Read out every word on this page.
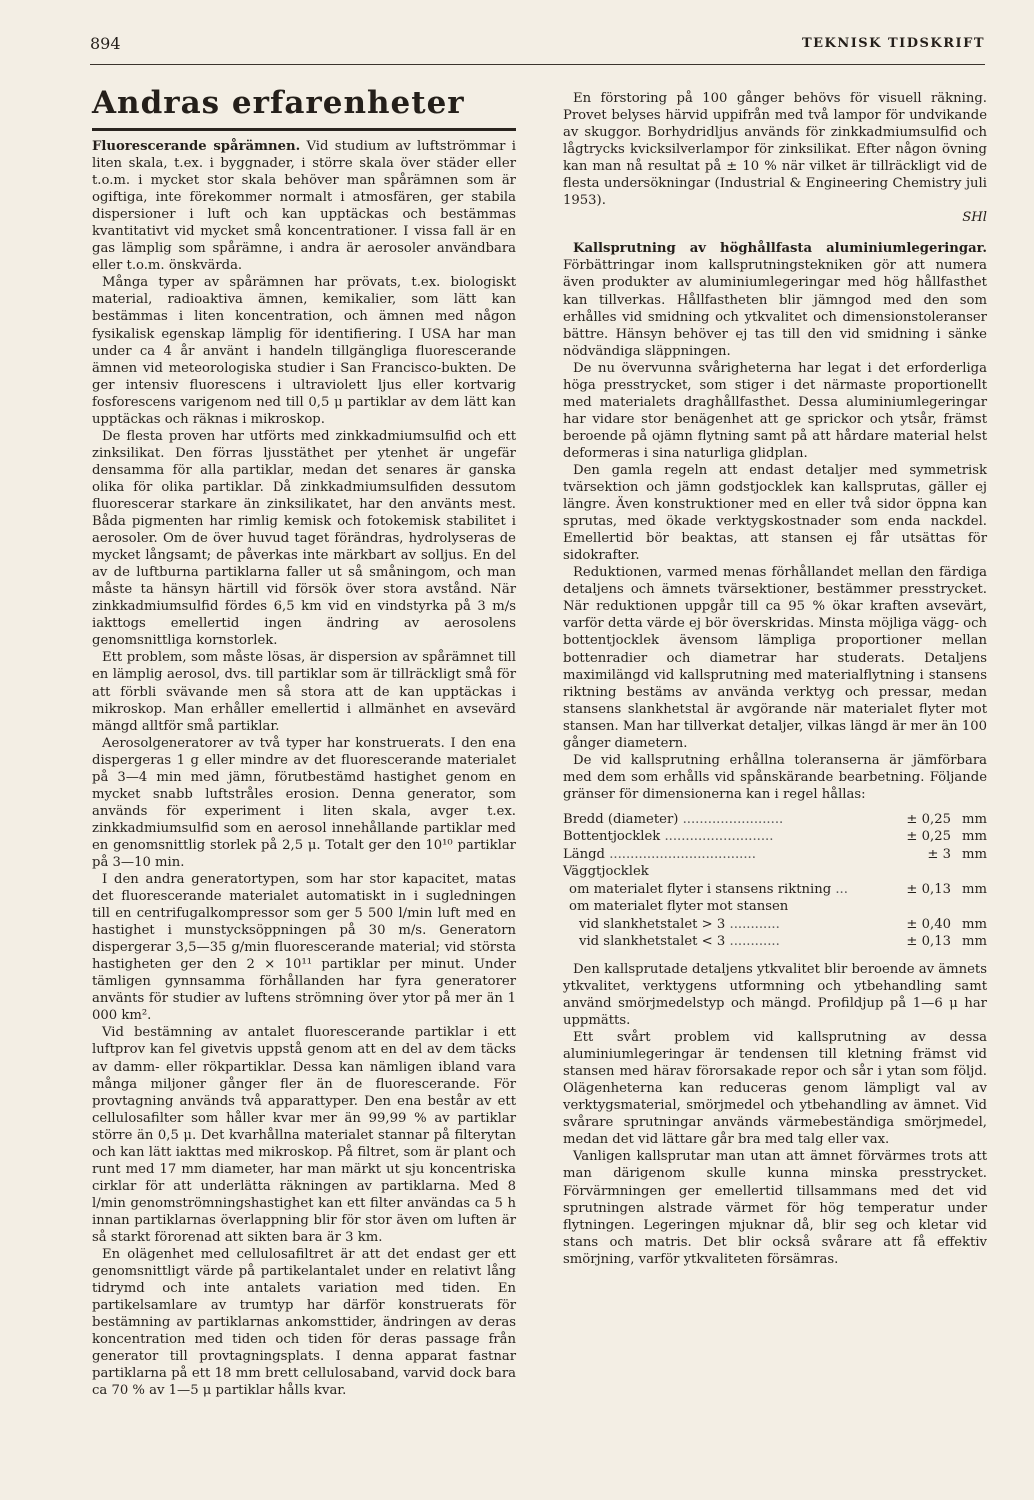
894	TEKNISK TIDSKRIFT
Andras erfarenheter

Fluorescerande spårämnen. Vid studium av luftströmmar i liten skala, t.ex. i byggnader, i större skala över städer eller t.o.m. i mycket stor skala behöver man spårämnen som är ogiftiga, inte förekommer normalt i atmosfären, ger stabila dispersioner i luft och kan upptäckas och bestämmas kvantitativt vid mycket små koncentrationer. I vissa fall är en gas lämplig som spårämne, i andra är aerosoler användbara eller t.o.m. önskvärda.

Många typer av spårämnen har prövats, t.ex. biologiskt material, radioaktiva ämnen, kemikalier, som lätt kan bestämmas i liten koncentration, och ämnen med någon fysikalisk egenskap lämplig för identifiering. I USA har man under ca 4 år använt i handeln tillgängliga fluorescerande ämnen vid meteorologiska studier i San Francisco-bukten. De ger intensiv fluorescens i ultraviolett ljus eller kortvarig fosforescens varigenom ned till 0,5 μ partiklar av dem lätt kan upptäckas och räknas i mikroskop.

De flesta proven har utförts med zinkkadmiumsulfid och ett zinksilikat. Den förras ljusstäthet per ytenhet är ungefär densamma för alla partiklar, medan det senares är ganska olika för olika partiklar. Då zinkkadmiumsulfiden dessutom fluorescerar starkare än zinksilikatet, har den använts mest. Båda pigmenten har rimlig kemisk och fotokemisk stabilitet i aerosoler. Om de över huvud taget förändras, hydrolyseras de mycket långsamt; de påverkas inte märkbart av solljus. En del av de luftburna partiklarna faller ut så småningom, och man måste ta hänsyn härtill vid försök över stora avstånd. När zinkkadmiumsulfid fördes 6,5 km vid en vindstyrka på 3 m/s iakttogs emellertid ingen ändring av aerosolens genomsnittliga kornstorlek.

Ett problem, som måste lösas, är dispersion av spårämnet till en lämplig aerosol, dvs. till partiklar som är tillräckligt små för att förbli svävande men så stora att de kan upptäckas i mikroskop. Man erhåller emellertid i allmänhet en avsevärd mängd alltför små partiklar.

Aerosolgeneratorer av två typer har konstruerats. I den ena dispergeras 1 g eller mindre av det fluorescerande materialet på 3—4 min med jämn, förutbestämd hastighet genom en mycket snabb luftstråles erosion. Denna generator, som används för experiment i liten skala, avger t.ex. zinkkadmiumsulfid som en aerosol innehållande partiklar med en genomsnittlig storlek på 2,5 μ. Totalt ger den 10¹⁰ partiklar på 3—10 min.

I den andra generatortypen, som har stor kapacitet, matas det fluorescerande materialet automatiskt in i sugledningen till en centrifugalkompressor som ger 5 500 l/min luft med en hastighet i munstycksöppningen på 30 m/s. Generatorn dispergerar 3,5—35 g/min fluorescerande material; vid största hastigheten ger den 2 × 10¹¹ partiklar per minut. Under tämligen gynnsamma förhållanden har fyra generatorer använts för studier av luftens strömning över ytor på mer än 1 000 km².

Vid bestämning av antalet fluorescerande partiklar i ett luftprov kan fel givetvis uppstå genom att en del av dem täcks av damm- eller rökpartiklar. Dessa kan nämligen ibland vara många miljoner gånger fler än de fluorescerande. För provtagning används två apparattyper. Den ena består av ett cellulosafilter som håller kvar mer än 99,99 % av partiklar större än 0,5 μ. Det kvarhållna materialet stannar på filterytan och kan lätt iakttas med mikroskop. På filtret, som är plant och runt med 17 mm diameter, har man märkt ut sju koncentriska cirklar för att underlätta räkningen av partiklarna. Med 8 l/min genomströmningshastighet kan ett filter användas ca 5 h innan partiklarnas överlappning blir för stor även om luften är så starkt förorenad att sikten bara är 3 km.

En olägenhet med cellulosafiltret är att det endast ger ett genomsnittligt värde på partikelantalet under en relativt lång tidrymd och inte antalets variation med tiden. En partikelsamlare av trumtyp har därför konstruerats för bestämning av partiklarnas ankomsttider, ändringen av deras koncentration med tiden och tiden för deras passage från generator till provtagningsplats. I denna apparat fastnar partiklarna på ett 18 mm brett cellulosaband, varvid dock bara ca 70 % av 1—5 μ partiklar hålls kvar.

En förstoring på 100 gånger behövs för visuell räkning. Provet belyses härvid uppifrån med två lampor för undvikande av skuggor. Borhydridljus används för zinkkadmiumsulfid och lågtrycks kvicksilverlampor för zinksilikat. Efter någon övning kan man nå resultat på ± 10 % när vilket är tillräckligt vid de flesta undersökningar (Industrial & Engineering Chemistry juli 1953).

SHl

Kallsprutning av höghållfasta aluminiumlegeringar. Förbättringar inom kallsprutningstekniken gör att numera även produkter av aluminiumlegeringar med hög hållfasthet kan tillverkas. Hållfastheten blir jämngod med den som erhålles vid smidning och ytkvalitet och dimensionstoleranser bättre. Hänsyn behöver ej tas till den vid smidning i sänke nödvändiga släppningen.

De nu övervunna svårigheterna har legat i det erforderliga höga presstrycket, som stiger i det närmaste proportionellt med materialets draghållfasthet. Dessa aluminiumlegeringar har vidare stor benägenhet att ge sprickor och ytsår, främst beroende på ojämn flytning samt på att hårdare material helst deformeras i sina naturliga glidplan.

Den gamla regeln att endast detaljer med symmetrisk tvärsektion och jämn godstjocklek kan kallsprutas, gäller ej längre. Även konstruktioner med en eller två sidor öppna kan sprutas, med ökade verktygskostnader som enda nackdel. Emellertid bör beaktas, att stansen ej får utsättas för sidokrafter.

Reduktionen, varmed menas förhållandet mellan den färdiga detaljens och ämnets tvärsektioner, bestämmer presstrycket. När reduktionen uppgår till ca 95 % ökar kraften avsevärt, varför detta värde ej bör överskridas. Minsta möjliga vägg- och bottentjocklek ävensom lämpliga proportioner mellan bottenradier och diametrar har studerats. Detaljens maximilängd vid kallsprutning med materialflytning i stansens riktning bestäms av använda verktyg och pressar, medan stansens slankhetstal är avgörande när materialet flyter mot stansen. Man har tillverkat detaljer, vilkas längd är mer än 100 gånger diametern.

De vid kallsprutning erhållna toleranserna är jämförbara med dem som erhålls vid spånskärande bearbetning. Följande gränser för dimensionerna kan i regel hållas:

Bredd (diameter) ........................	± 0,25	mm
Bottentjocklek ..........................	± 0,25	mm
Längd ...................................	± 3	mm
Väggtjocklek		
om materialet flyter i stansens riktning ...	± 0,13	mm
om materialet flyter mot stansen		
vid slankhetstalet > 3 ............	± 0,40	mm
vid slankhetstalet < 3 ............	± 0,13	mm

Den kallsprutade detaljens ytkvalitet blir beroende av ämnets ytkvalitet, verktygens utformning och ytbehandling samt använd smörjmedelstyp och mängd. Profildjup på 1—6 μ har uppmätts.

Ett svårt problem vid kallsprutning av dessa aluminiumlegeringar är tendensen till kletning främst vid stansen med härav förorsakade repor och sår i ytan som följd. Olägenheterna kan reduceras genom lämpligt val av verktygsmaterial, smörjmedel och ytbehandling av ämnet. Vid svårare sprutningar används värmebeständiga smörjmedel, medan det vid lättare går bra med talg eller vax.

Vanligen kallsprutar man utan att ämnet förvärmes trots att man därigenom skulle kunna minska presstrycket. Förvärmningen ger emellertid tillsammans med det vid sprutningen alstrade värmet för hög temperatur under flytningen. Legeringen mjuknar då, blir seg och kletar vid stans och matris. Det blir också svårare att få effektiv smörjning, varför ytkvaliteten försämras.
